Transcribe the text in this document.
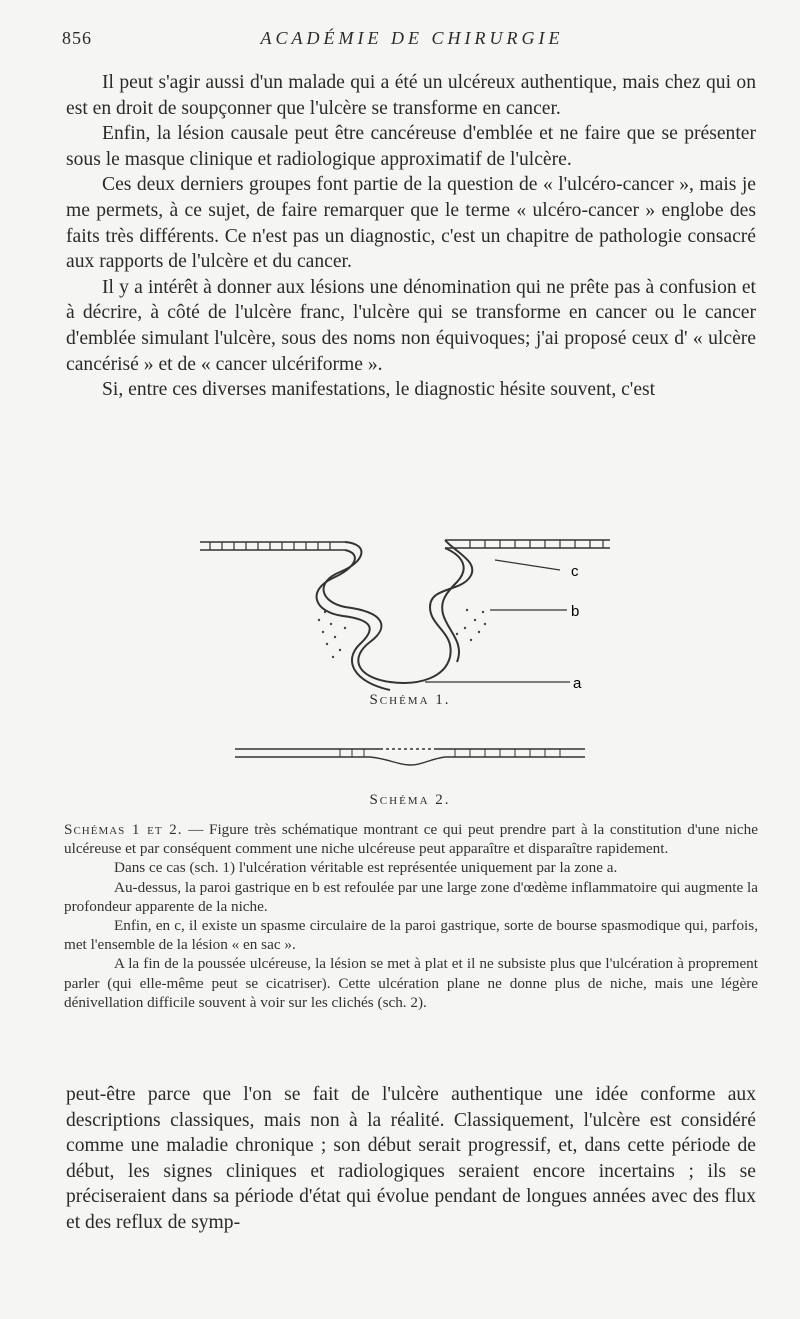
856	ACADÉMIE DE CHIRURGIE

Il peut s'agir aussi d'un malade qui a été un ulcéreux authentique, mais chez qui on est en droit de soupçonner que l'ulcère se transforme en cancer.

Enfin, la lésion causale peut être cancéreuse d'emblée et ne faire que se présenter sous le masque clinique et radiologique approximatif de l'ulcère.

Ces deux derniers groupes font partie de la question de « l'ulcéro-cancer », mais je me permets, à ce sujet, de faire remarquer que le terme « ulcéro-cancer » englobe des faits très différents. Ce n'est pas un diagnostic, c'est un chapitre de pathologie consacré aux rapports de l'ulcère et du cancer.

Il y a intérêt à donner aux lésions une dénomination qui ne prête pas à confusion et à décrire, à côté de l'ulcère franc, l'ulcère qui se transforme en cancer ou le cancer d'emblée simulant l'ulcère, sous des noms non équivoques; j'ai proposé ceux d' « ulcère cancérisé » et de « cancer ulcériforme ».

Si, entre ces diverses manifestations, le diagnostic hésite souvent, c'est

c
b
a
Schéma 1.
Schéma 2.

Schémas 1 et 2. — Figure très schématique montrant ce qui peut prendre part à la constitution d'une niche ulcéreuse et par conséquent comment une niche ulcéreuse peut apparaître et disparaître rapidement.

Dans ce cas (sch. 1) l'ulcération véritable est représentée uniquement par la zone a.

Au-dessus, la paroi gastrique en b est refoulée par une large zone d'œdème inflammatoire qui augmente la profondeur apparente de la niche.

Enfin, en c, il existe un spasme circulaire de la paroi gastrique, sorte de bourse spasmodique qui, parfois, met l'ensemble de la lésion « en sac ».

A la fin de la poussée ulcéreuse, la lésion se met à plat et il ne subsiste plus que l'ulcération à proprement parler (qui elle-même peut se cicatriser). Cette ulcération plane ne donne plus de niche, mais une légère dénivellation difficile souvent à voir sur les clichés (sch. 2).

peut-être parce que l'on se fait de l'ulcère authentique une idée conforme aux descriptions classiques, mais non à la réalité. Classiquement, l'ulcère est considéré comme une maladie chronique ; son début serait progressif, et, dans cette période de début, les signes cliniques et radiologiques seraient encore incertains ; ils se préciseraient dans sa période d'état qui évolue pendant de longues années avec des flux et des reflux de symp-
